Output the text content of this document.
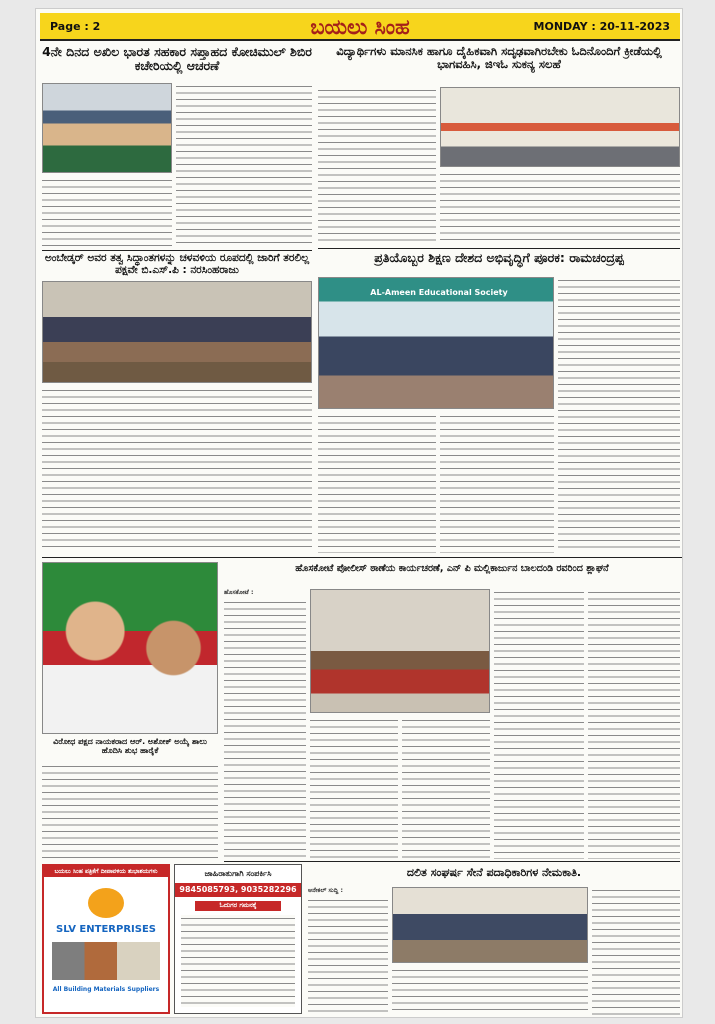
Page : 2	ಬಯಲು ಸಿಂಹ	MONDAY : 20-11-2023
4ನೇ ದಿನದ ಅಖಿಲ ಭಾರತ ಸಹಕಾರ ಸಪ್ತಾಹದ ಕೋಚಿಮುಲ್ ಶಿಬಿರ ಕಚೇರಿಯಲ್ಲಿ ಆಚರಣೆ
ಅಂಬೇಡ್ಕರ್ ಅವರ ತತ್ವ ಸಿದ್ಧಾಂತಗಳನ್ನು ಚಳವಳಿಯ ರೂಪದಲ್ಲಿ ಜಾರಿಗೆ ತರಲಿಲ್ಲ ಪಕ್ಷವೇ ಬಿ.ಎಸ್.ಪಿ : ನರಸಿಂಹರಾಜು
ವಿದ್ಯಾರ್ಥಿಗಳು ಮಾನಸಿಕ ಹಾಗೂ ದೈಹಿಕವಾಗಿ ಸದೃಢವಾಗಿರಬೇಕು ಓದಿನೊಂದಿಗೆ ಕ್ರೀಡೆಯಲ್ಲಿ ಭಾಗವಹಿಸಿ, ಜಿಇಓ ಸುಕನ್ಯ ಸಲಹೆ
ಪ್ರತಿಯೊಬ್ಬರ ಶಿಕ್ಷಣ ದೇಶದ ಅಭಿವೃದ್ಧಿಗೆ ಪೂರಕ: ರಾಮಚಂದ್ರಪ್ಪ
AL-Ameen Educational Society
ವಿರೋಧ ಪಕ್ಷದ ನಾಯಕರಾದ ಆರ್. ಅಶೋಕ್ ಅಯ್ಕೆ ಶಾಲು ಹೊದಿಸಿ ಶುಭ ಹಾರೈಕೆ
ಹೊಸಕೋಟೆ ಪೋಲೀಸ್ ಠಾಣೆಯ ಕಾರ್ಯಚರಣೆ, ಎನ್ ಪಿ ಮಲ್ಲಿಕಾರ್ಜುನ ಬಾಲದಂಡಿ ರವರಿಂದ ಶ್ಲಾಘನೆ
ಹೊಸಕೋಟೆ :
ಬಯಲು ಸಿಂಹ ಪತ್ರಿಕೆಗೆ ದೀಪಾವಳಿಯ ಶುಭಾಶಯಗಳು
SLV ENTERPRISES
All Building Materials Suppliers
ಜಾಹಿರಾತುಗಾಗಿ ಸಂಪರ್ಕಿಸಿ
9845085793, 9035282296
ಓದುಗರ ಗಮನಕ್ಕೆ
ದಲಿತ ಸಂಘರ್ಷ ಸೇನೆ ಪದಾಧಿಕಾರಿಗಳ ನೇಮಕಾತಿ.
ಆನೇಕಲ್ ಸುದ್ದಿ :
